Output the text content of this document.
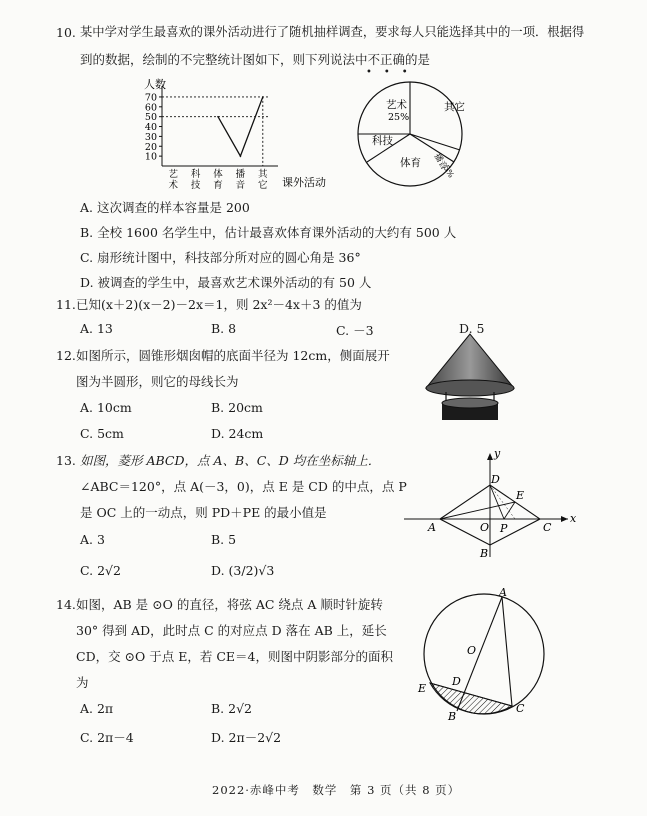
10. 某中学对学生最喜欢的课外活动进行了随机抽样调查，要求每人只能选择其中的一项．根据得
到的数据，绘制的不完整统计图如下，则下列说法中不正确的是
•••
10
20
30
40
50
60
70
艺
术
科
技
体
育
播
音
其
它
人数
课外活动
艺术
25%
其它
播音
5%
体育
科技
A. 这次调查的样本容量是 200
B. 全校 1600 名学生中，估计最喜欢体育课外活动的大约有 500 人
C. 扇形统计图中，科技部分所对应的圆心角是 36°
D. 被调查的学生中，最喜欢艺术课外活动的有 50 人
11. 已知(x＋2)(x－2)－2x＝1，则 2x²－4x＋3 的值为
A. 13	B. 8	C. －3	D. 5
12. 如图所示，圆锥形烟囱帽的底面半径为 12cm，侧面展开
图为半圆形，则它的母线长为
A. 10cm	B. 20cm
C. 5cm	D. 24cm
13. 如图，菱形 ABCD，点 A、B、C、D 均在坐标轴上．
∠ABC＝120°，点 A(－3，0)，点 E 是 CD 的中点，点 P
是 OC 上的一动点，则 PD＋PE 的最小值是
A. 3	B. 5
C. 2√2	D. (3/2)√3
A
B
C
D
E
O P
x
y
14. 如图，AB 是 ⊙O 的直径，将弦 AC 绕点 A 顺时针旋转
30° 得到 AD，此时点 C 的对应点 D 落在 AB 上，延长
CD，交 ⊙O 于点 E，若 CE＝4，则图中阴影部分的面积
为
A. 2π	B. 2√2
C. 2π－4	D. 2π－2√2
A
B
C
D
E
O
2022·赤峰中考　数学　第 3 页（共 8 页）
